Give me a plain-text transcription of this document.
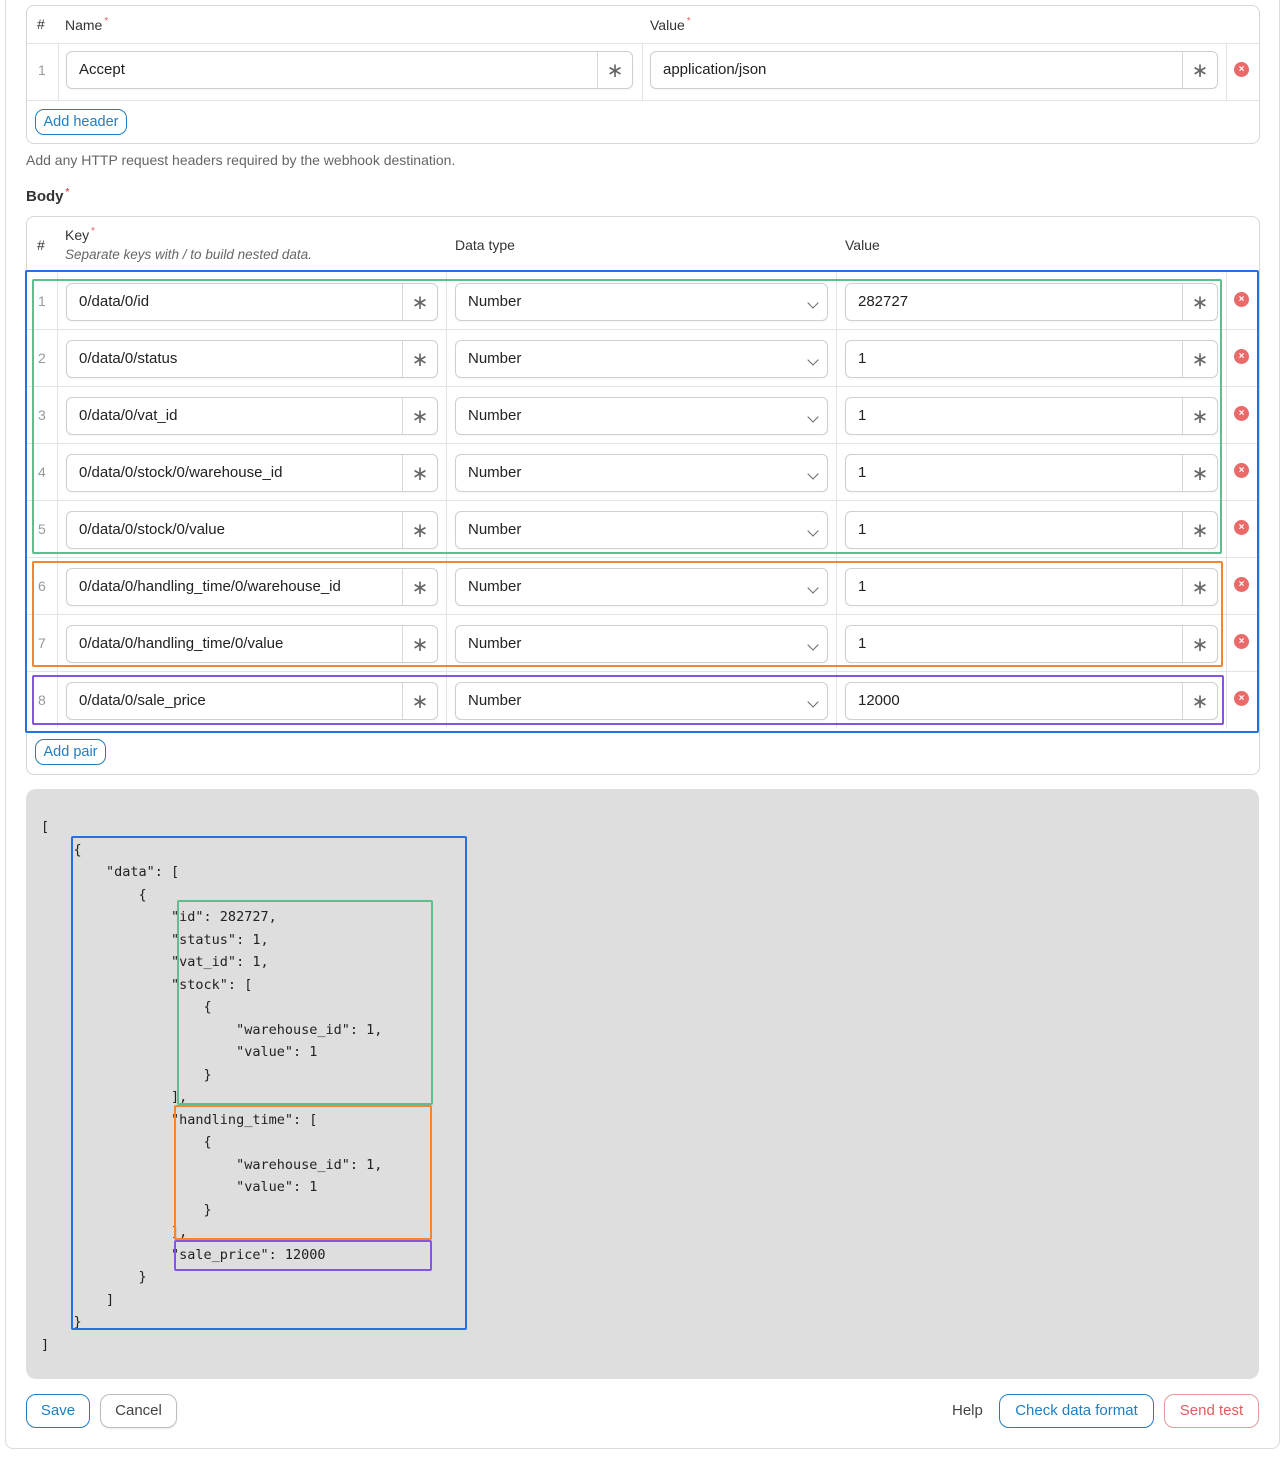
# Name *	Value *
1 Accept	∗	application/json	∗	×
Add header
Add any HTTP request headers required by the webhook destination.
Body *
#
Key *
Separate keys with / to build nested data.
Data type	Value
1 0/data/0/id	∗	Number	282727	∗	×
2 0/data/0/status	∗	Number	1	∗	×
3 0/data/0/vat_id	∗	Number	1	∗	×
4 0/data/0/stock/0/warehouse_id	∗	Number	1	∗	×
5 0/data/0/stock/0/value	∗	Number	1	∗	×
6 0/data/0/handling_time/0/warehouse_id	∗	Number	1	∗	×
7 0/data/0/handling_time/0/value	∗	Number	1	∗	×
8 0/data/0/sale_price	∗	Number	12000	∗	×
Add pair
[
{
"data": [
{
"id": 282727,
"status": 1,
"vat_id": 1,
"stock": [
{
"warehouse_id": 1,
"value": 1
}
],
"handling_time": [
{
"warehouse_id": 1,
"value": 1
}
],
"sale_price": 12000
}
]
}
]
Save	Cancel	Help	Check data format	Send test
